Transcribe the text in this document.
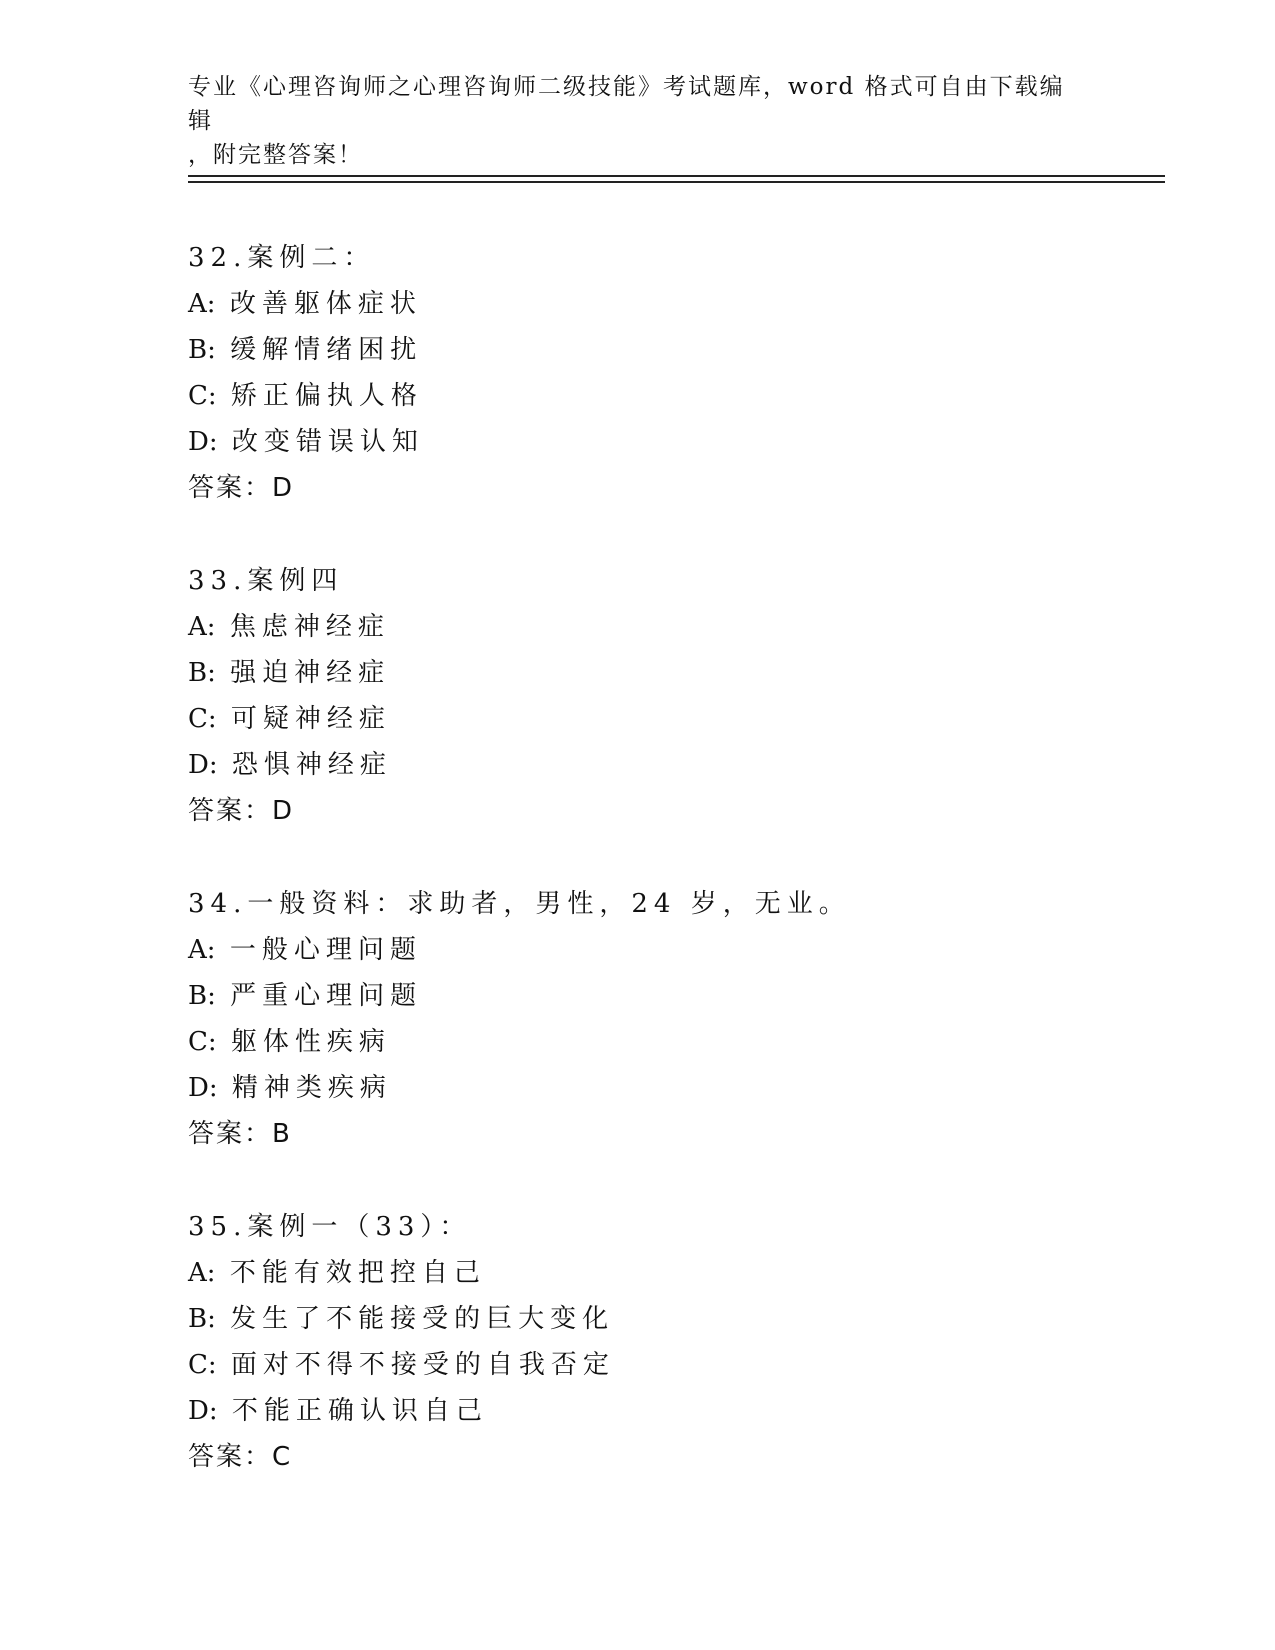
专业《心理咨询师之心理咨询师二级技能》考试题库，word 格式可自由下载编辑
，附完整答案！
32.案例二：
A: 改善躯体症状
B: 缓解情绪困扰
C: 矫正偏执人格
D: 改变错误认知
答案：D
33.案例四
A: 焦虑神经症
B: 强迫神经症
C: 可疑神经症
D: 恐惧神经症
答案：D
34.一般资料：求助者，男性，24 岁，无业。
A: 一般心理问题
B: 严重心理问题
C: 躯体性疾病
D: 精神类疾病
答案：B
35.案例一（33）：
A: 不能有效把控自己
B: 发生了不能接受的巨大变化
C: 面对不得不接受的自我否定
D: 不能正确认识自己
答案：C
